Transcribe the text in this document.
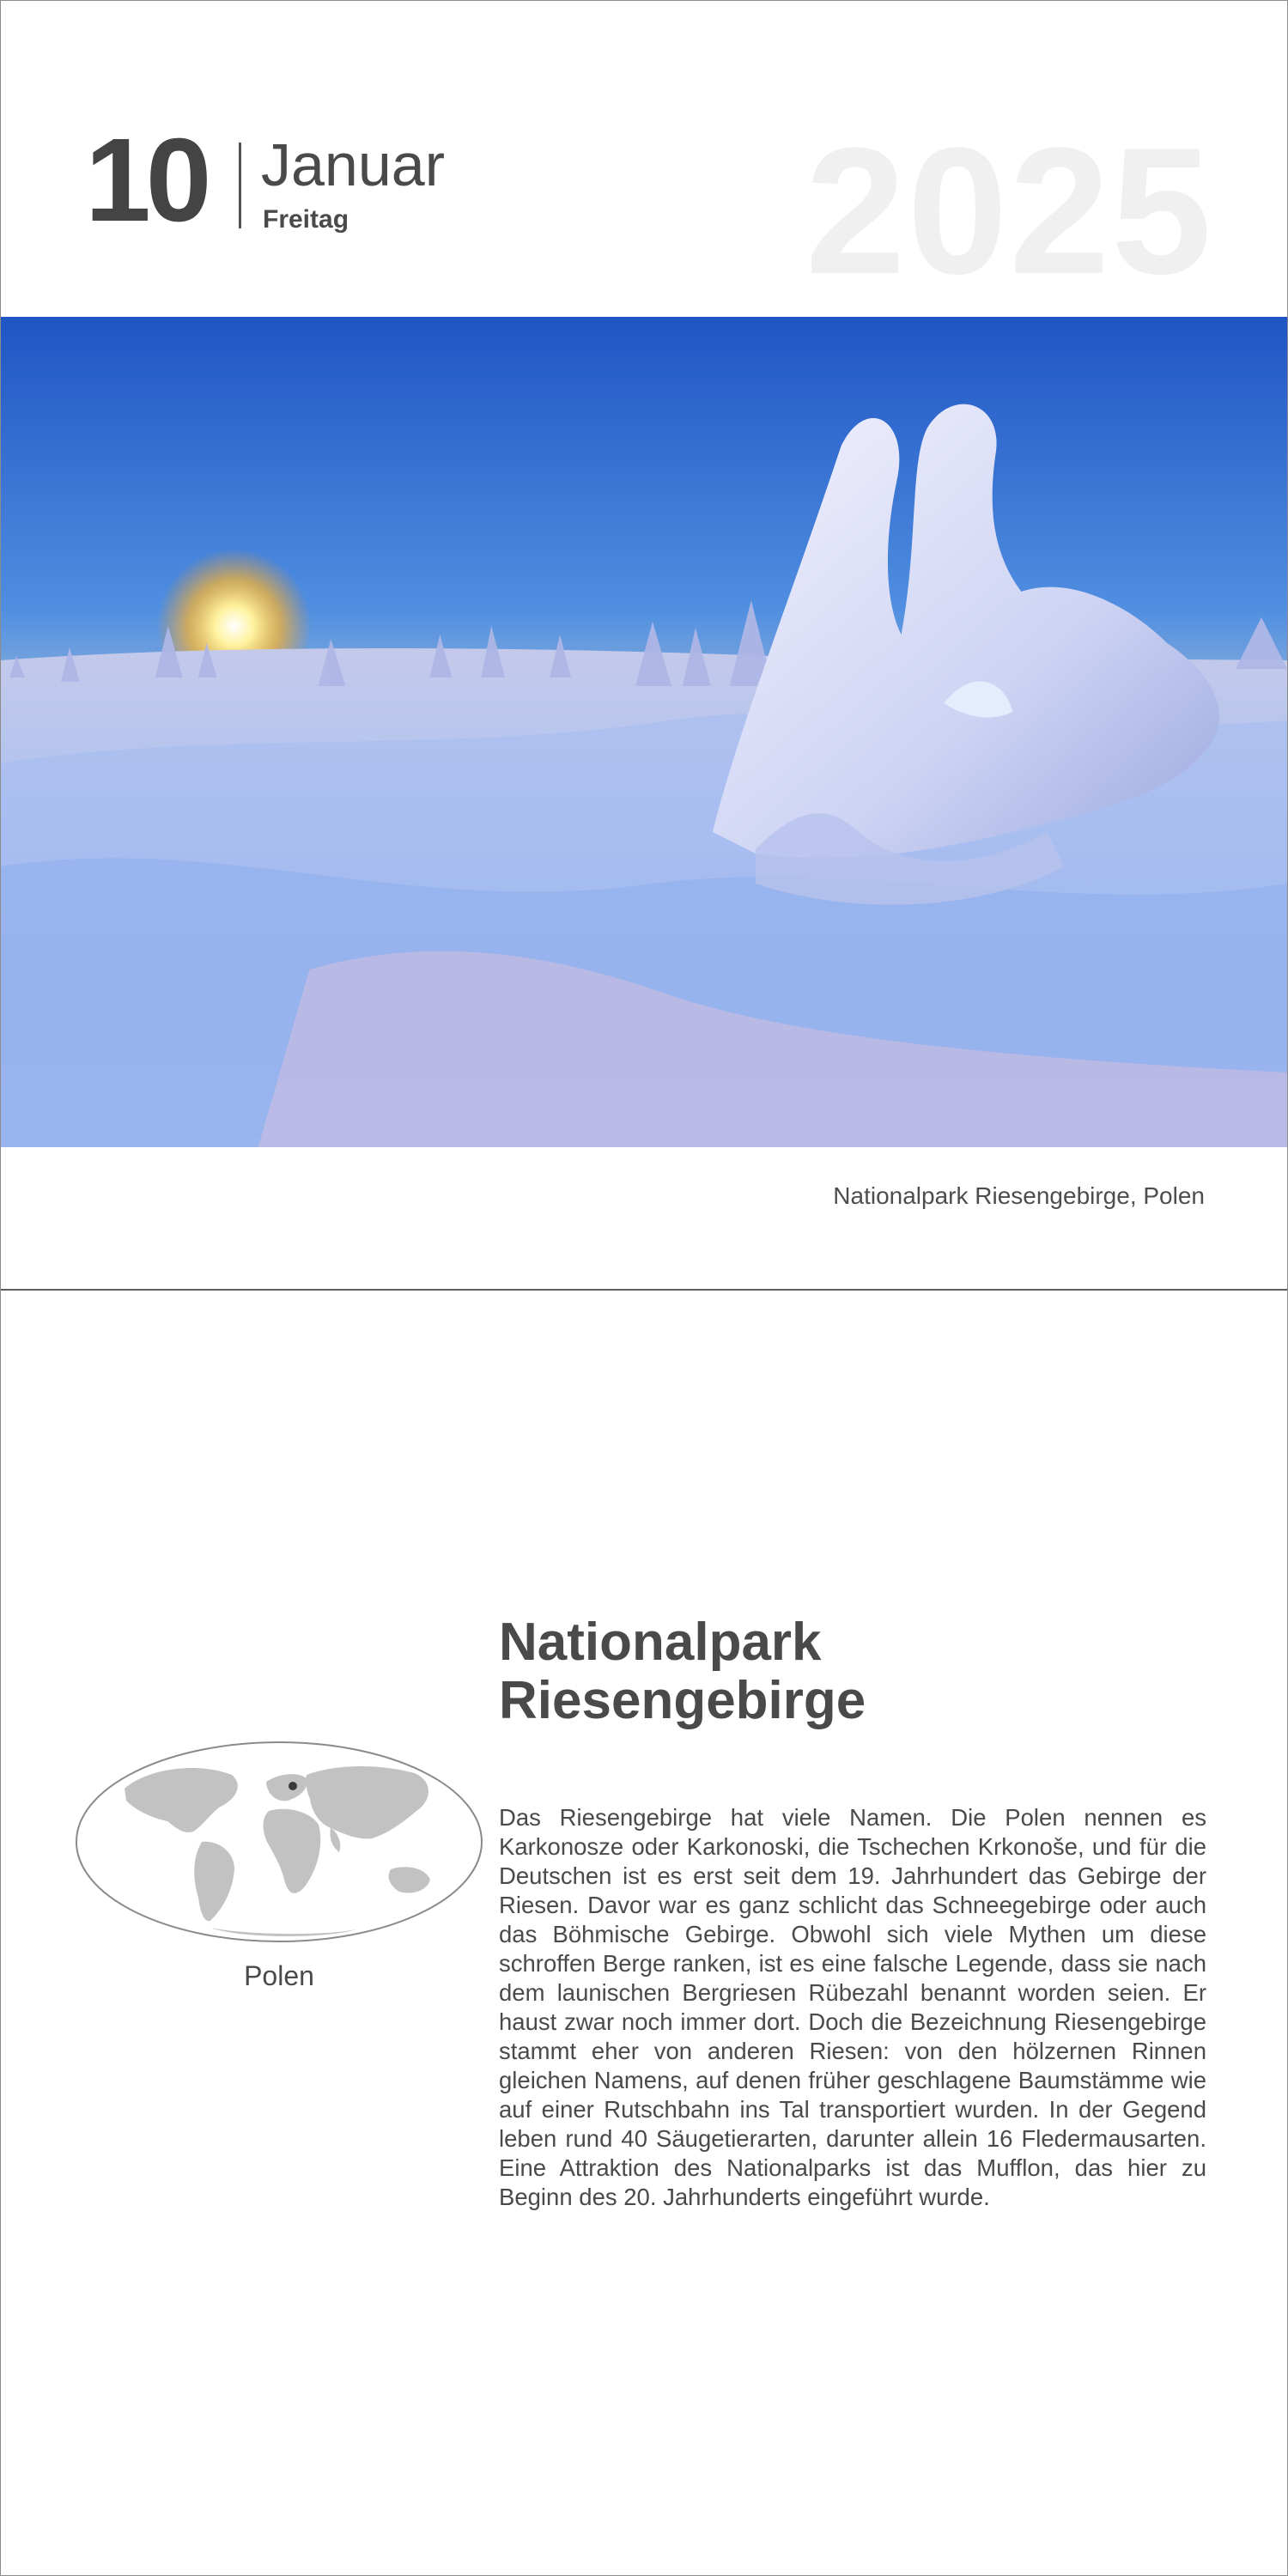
10 Januar
Freitag	2025
Nationalpark Riesengebirge, Polen
Polen
Nationalpark
Riesengebirge
Das Riesengebirge hat viele Namen. Die Polen nennen es Karkonosze oder Karkonoski, die Tschechen Krkonoše, und für die Deutschen ist es erst seit dem 19. Jahrhundert das Gebirge der Riesen. Davor war es ganz schlicht das Schneegebirge oder auch das Böhmische Gebirge. Obwohl sich viele Mythen um diese schroffen Berge ranken, ist es eine falsche Legende, dass sie nach dem launischen Bergriesen Rübezahl benannt worden seien. Er haust zwar noch immer dort. Doch die Bezeichnung Riesengebirge stammt eher von anderen Riesen: von den hölzernen Rinnen gleichen Namens, auf denen früher geschlagene Baumstämme wie auf einer Rutschbahn ins Tal transportiert wurden. In der Gegend leben rund 40 Säugetierarten, darunter allein 16 Fledermausarten. Eine Attraktion des Nationalparks ist das Mufflon, das hier zu Beginn des 20. Jahrhunderts eingeführt wurde.
